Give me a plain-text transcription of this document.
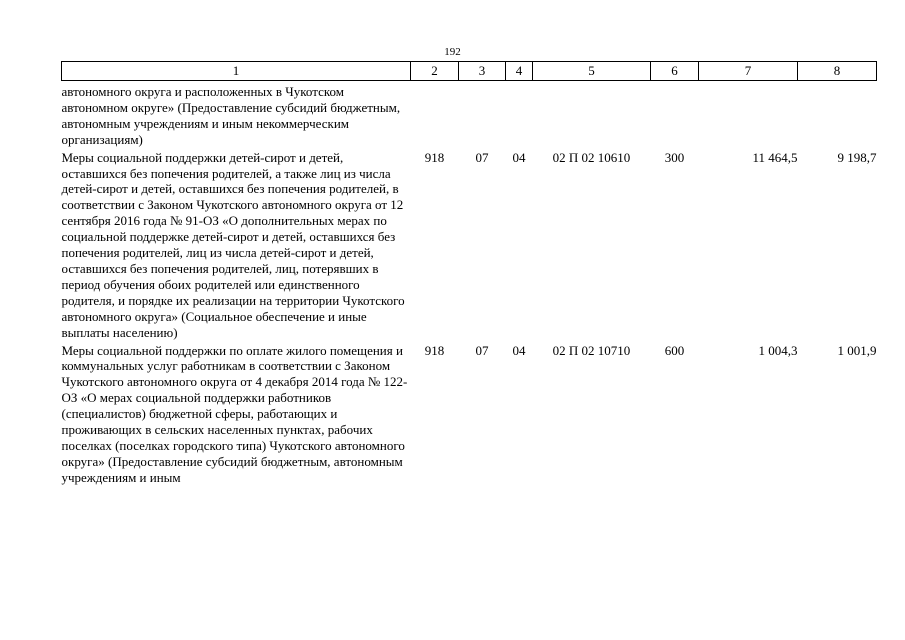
192
1	2	3	4	5	6	7	8
автономного округа и расположенных в Чукотском автономном округе» (Предоставление субсидий бюджетным, автономным учреждениям и иным некоммерческим организациям)							
Меры социальной поддержки детей-сирот и детей, оставшихся без попечения родителей, а также лиц из числа детей-сирот и детей, оставшихся без попечения родителей, в соответствии с Законом Чукотского автономного округа от 12 сентября 2016 года № 91-ОЗ «О дополнительных мерах по социальной поддержке детей-сирот и детей, оставшихся без попечения родителей, лиц из числа детей-сирот и детей, оставшихся без попечения родителей, лиц, потерявших в период обучения обоих родителей или единственного родителя, и порядке их реализации на территории Чукотского автономного округа» (Социальное обеспечение и иные выплаты населению)	918	07	04	02 П 02 10610	300	11 464,5	9 198,7
Меры социальной поддержки по оплате жилого помещения и коммунальных услуг работникам в соответствии с Законом Чукотского автономного округа от 4 декабря 2014 года № 122-ОЗ «О мерах социальной поддержки работников (специалистов) бюджетной сферы, работающих и проживающих в сельских населенных пунктах, рабочих поселках (поселках городского типа) Чукотского автономного округа» (Предоставление субсидий бюджетным, автономным учреждениям и иным	918	07	04	02 П 02 10710	600	1 004,3	1 001,9
